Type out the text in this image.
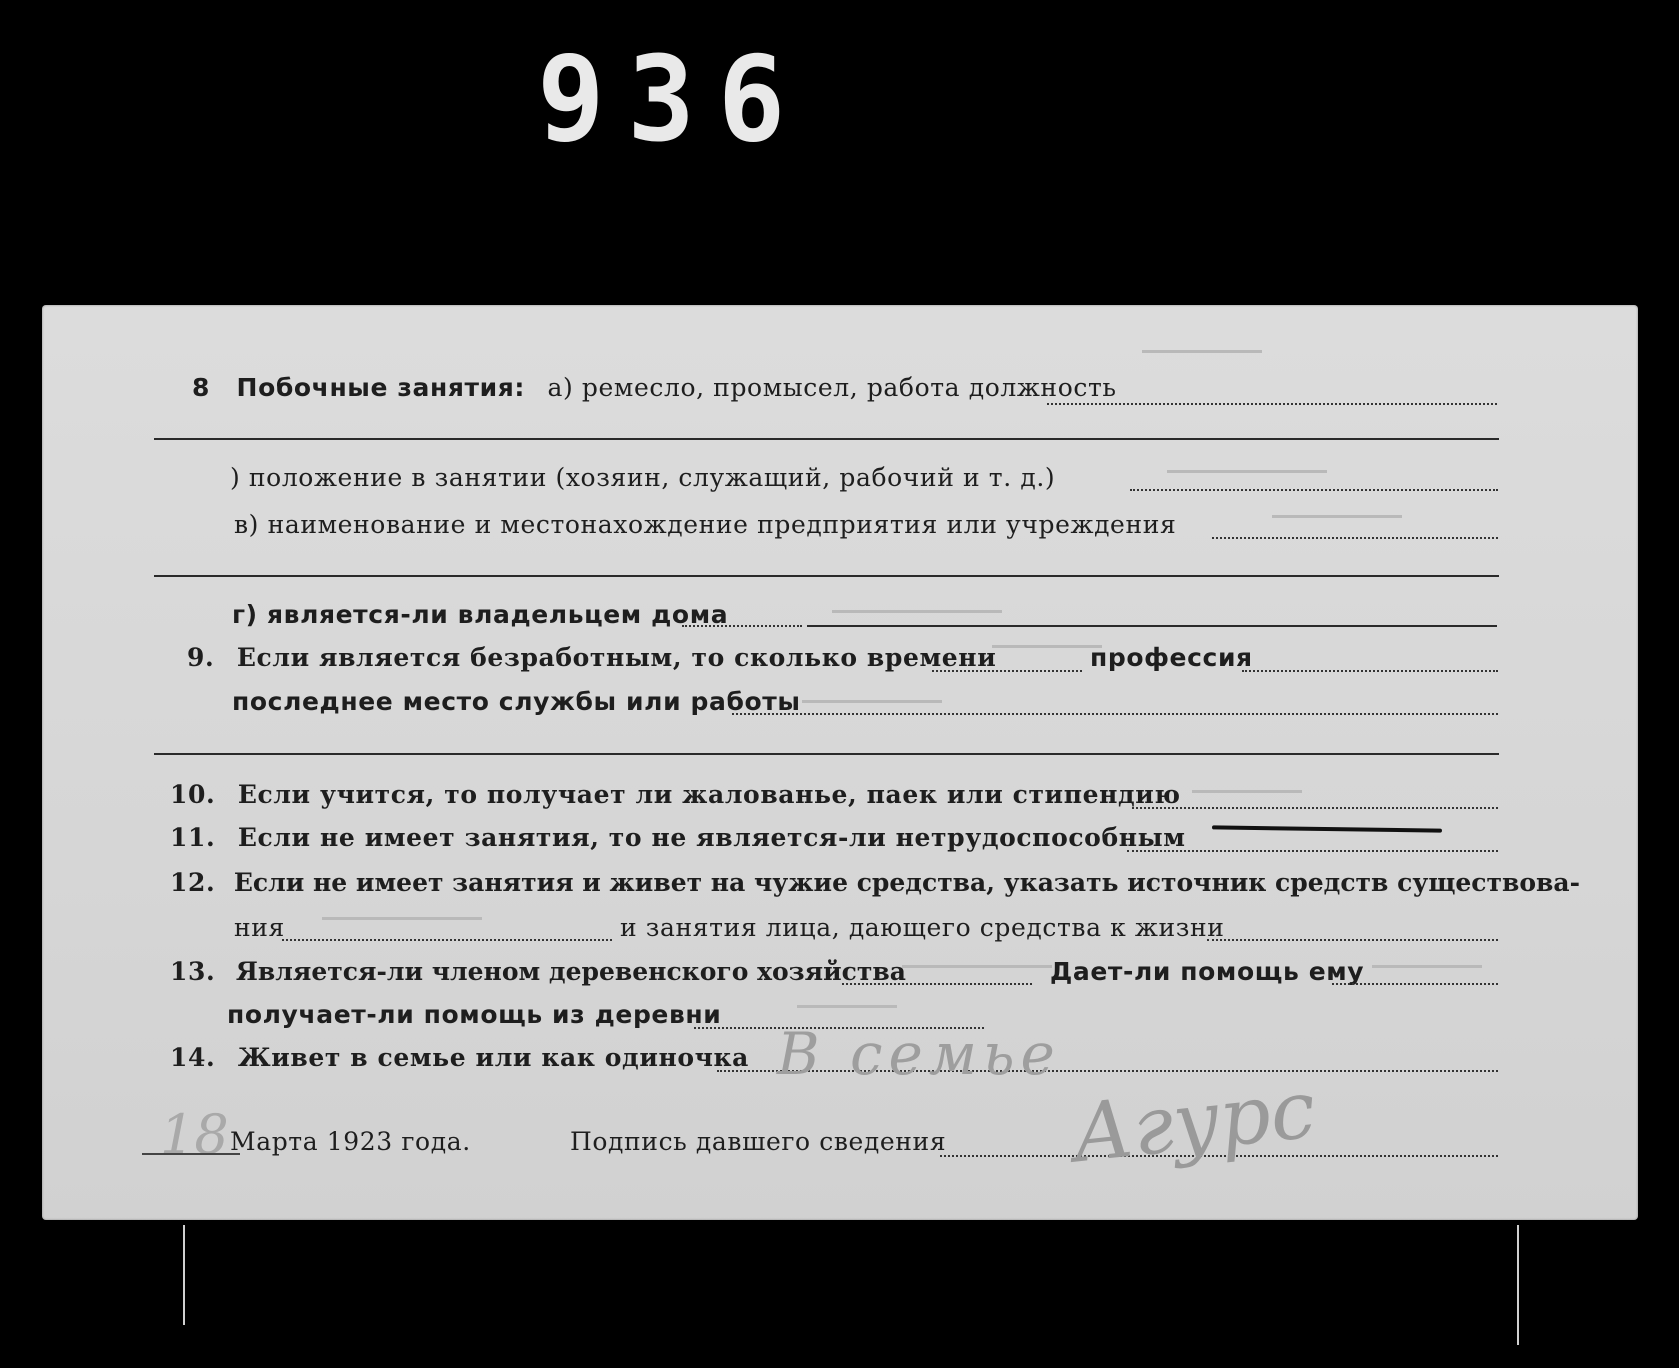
936
8 Побочные занятия: а) ремесло, промысел, работа должность
) положение в занятии (хозяин, служащий, рабочий и т. д.)
в) наименование и местонахождение предприятия или учреждения
г) является-ли владельцем дома
9. Если является безработным, то сколько времени	профессия
последнее место службы или работы
10. Если учится, то получает ли жалованье, паек или стипендию
11. Если не имеет занятия, то не является-ли нетрудоспособным
12. Если не имеет занятия и живет на чужие средства, указать источник средств существова-
ния	и занятия лица, дающего средства к жизни
13. Является-ли членом деревенского хозяйства	Дает-ли помощь ему
получает-ли помощь из деревни
14. Живет в семье или как одиночка В семье
18 Марта 1923 года.	Подпись давшего сведения Агурс
